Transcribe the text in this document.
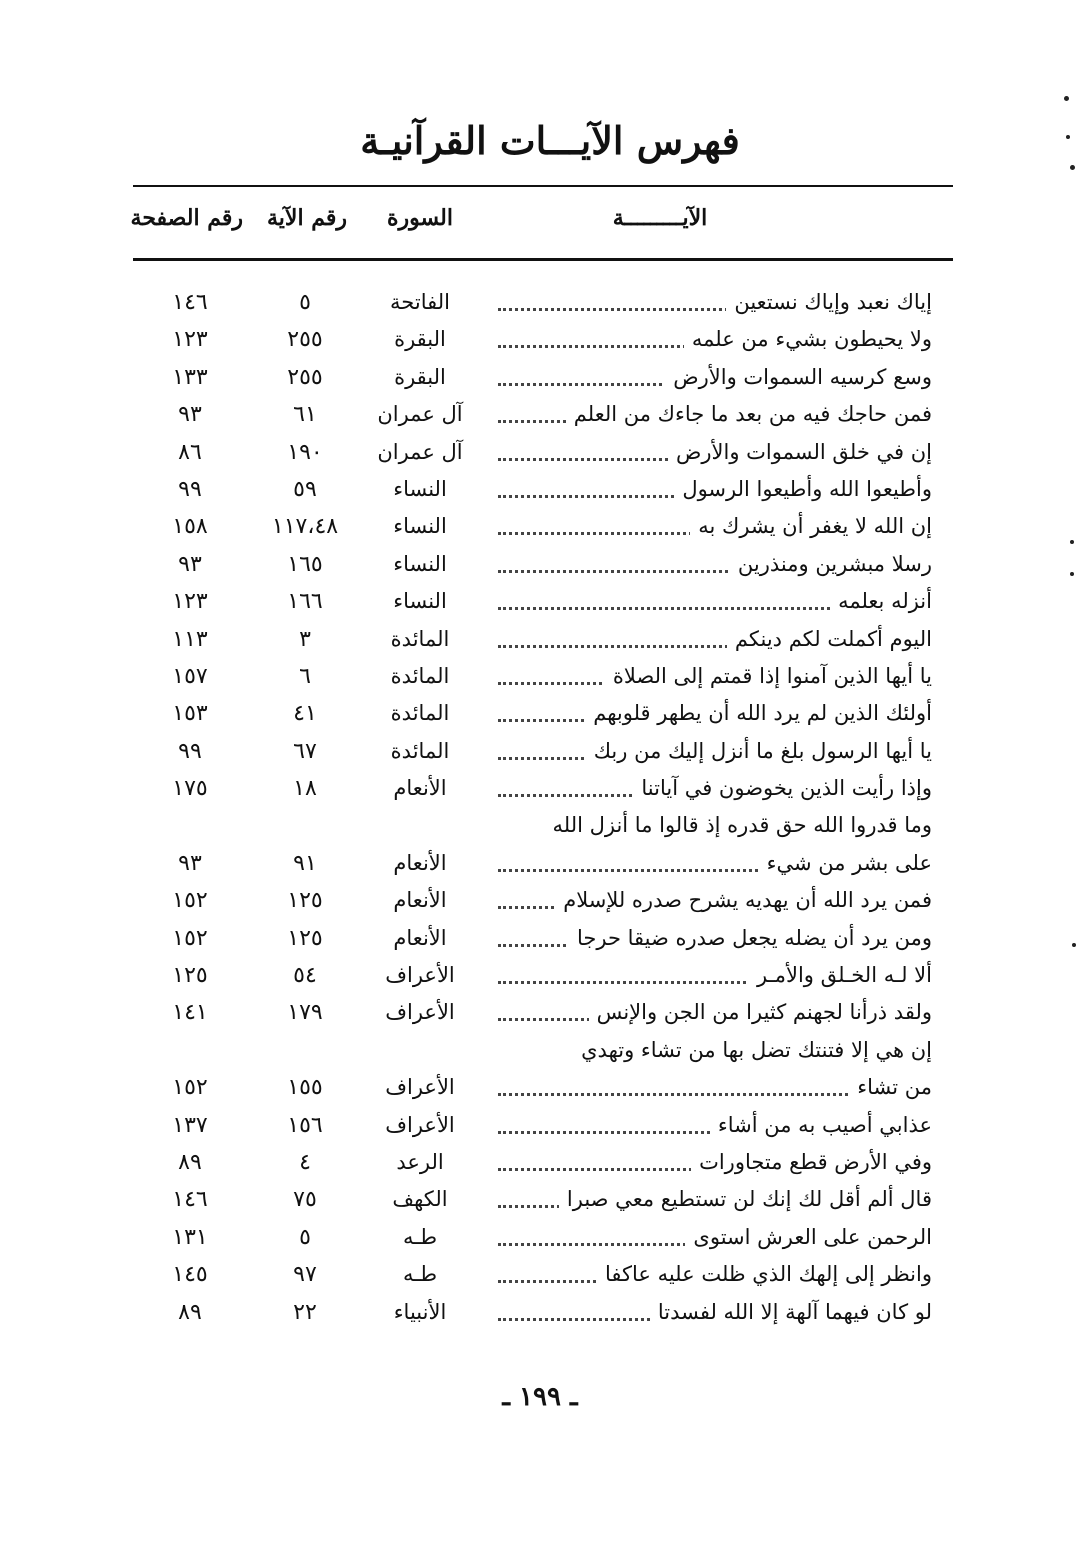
فهرس الآيـــات القرآنيـة
الآيـــــــــة
السورة
رقم الآية
رقم الصفحة
إياك نعبد وإياك نستعين
الفاتحة
٥
١٤٦
ولا يحيطون بشيء من علمه
البقرة
٢٥٥
١٢٣
وسع كرسيه السموات والأرض
البقرة
٢٥٥
١٣٣
فمن حاجك فيه من بعد ما جاءك من العلم
آل عمران
٦١
٩٣
إن في خلق السموات والأرض
آل عمران
١٩٠
٨٦
وأطيعوا الله وأطيعوا الرسول
النساء
٥٩
٩٩
إن الله لا يغفر أن يشرك به
النساء
١١٧،٤٨
١٥٨
رسلا مبشرين ومنذرين
النساء
١٦٥
٩٣
أنزله بعلمه
النساء
١٦٦
١٢٣
اليوم أكملت لكم دينكم
المائدة
٣
١١٣
يا أيها الذين آمنوا إذا قمتم إلى الصلاة
المائدة
٦
١٥٧
أولئك الذين لم يرد الله أن يطهر قلوبهم
المائدة
٤١
١٥٣
يا أيها الرسول بلغ ما أنزل إليك من ربك
المائدة
٦٧
٩٩
وإذا رأيت الذين يخوضون في آياتنا
الأنعام
١٨
١٧٥
وما قدروا الله حق قدره إذ قالوا ما أنزل الله
على بشر من شيء
الأنعام
٩١
٩٣
فمن يرد الله أن يهديه يشرح صدره للإسلام
الأنعام
١٢٥
١٥٢
ومن يرد أن يضله يجعل صدره ضيقا حرجا
الأنعام
١٢٥
١٥٢
ألا لـه الخـلق والأمـر
الأعراف
٥٤
١٢٥
ولقد ذرأنا لجهنم كثيرا من الجن والإنس
الأعراف
١٧٩
١٤١
إن هي إلا فتنتك تضل بها من تشاء وتهدي
من تشاء
الأعراف
١٥٥
١٥٢
عذابي أصيب به من أشاء
الأعراف
١٥٦
١٣٧
وفي الأرض قطع متجاورات
الرعد
٤
٨٩
قال ألم أقل لك إنك لن تستطيع معي صبرا
الكهف
٧٥
١٤٦
الرحمن على العرش استوى
طـه
٥
١٣١
وانظر إلى إلهك الذي ظلت عليه عاكفا
طـه
٩٧
١٤٥
لو كان فيهما آلهة إلا الله لفسدتا
الأنبياء
٢٢
٨٩
ـ ١٩٩ ـ
